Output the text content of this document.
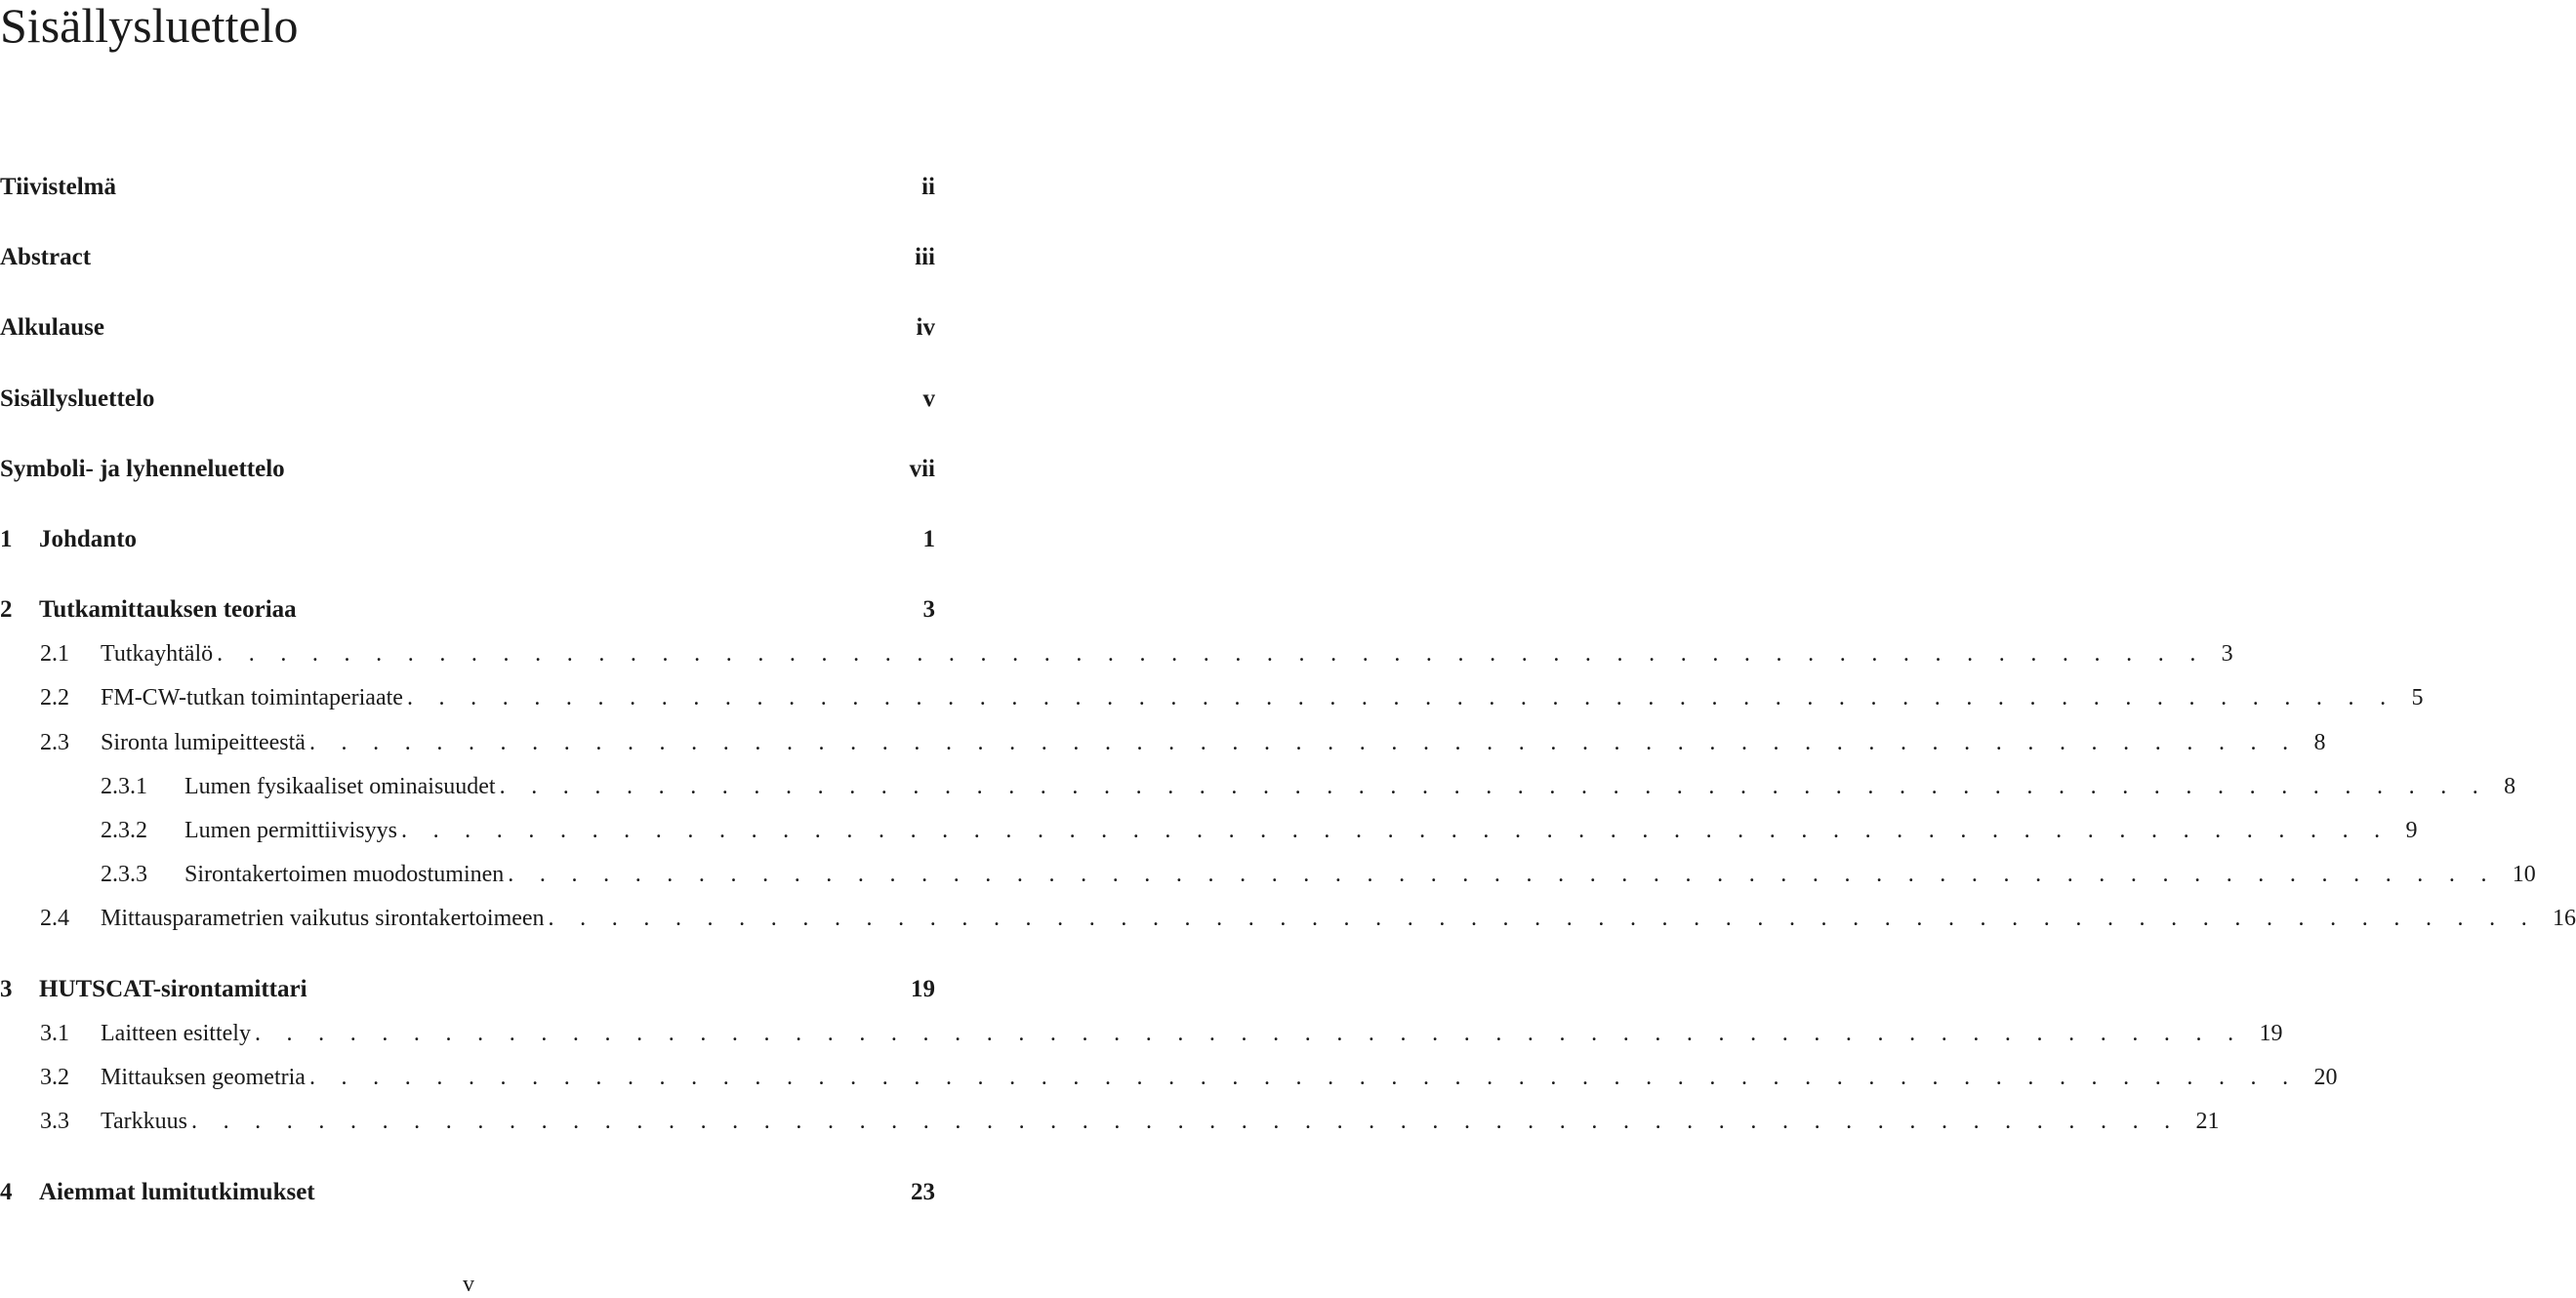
Sisällysluettelo
Tiivistelmä	ii
Abstract	iii
Alkulause	iv
Sisällysluettelo	v
Symboli- ja lyhenneluettelo	vii
1	Johdanto	1
2	Tutkamittauksen teoriaa	3
2.1	Tutkayhtälö . . . . . . . . . . . . . . . . . . . . . . . . . . . . . . . . . . . . . . . . . . . . . . . . . . . . . . . . . . . . . . . 3
2.2	FM-CW-tutkan toimintaperiaate . . . . . . . . . . . . . . . . . . . . . . . . . . . . . . . . . . . . . . . . . . . . . . . . . . . . . . . . . . . . . . . 5
2.3	Sironta lumipeitteestä . . . . . . . . . . . . . . . . . . . . . . . . . . . . . . . . . . . . . . . . . . . . . . . . . . . . . . . . . . . . . . . 8
2.3.1	Lumen fysikaaliset ominaisuudet . . . . . . . . . . . . . . . . . . . . . . . . . . . . . . . . . . . . . . . . . . . . . . . . . . . . . . . . . . . . . . . 8
2.3.2	Lumen permittiivisyys . . . . . . . . . . . . . . . . . . . . . . . . . . . . . . . . . . . . . . . . . . . . . . . . . . . . . . . . . . . . . . . 9
2.3.3	Sirontakertoimen muodostuminen . . . . . . . . . . . . . . . . . . . . . . . . . . . . . . . . . . . . . . . . . . . . . . . . . . . . . . . . . . . . . . . 10
2.4	Mittausparametrien vaikutus sirontakertoimeen . . . . . . . . . . . . . . . . . . . . . . . . . . . . . . . . . . . . . . . . . . . . . . . . . . . . . . . . . . . . . . . 16
3	HUTSCAT-sirontamittari	19
3.1	Laitteen esittely . . . . . . . . . . . . . . . . . . . . . . . . . . . . . . . . . . . . . . . . . . . . . . . . . . . . . . . . . . . . . . . 19
3.2	Mittauksen geometria . . . . . . . . . . . . . . . . . . . . . . . . . . . . . . . . . . . . . . . . . . . . . . . . . . . . . . . . . . . . . . . 20
3.3	Tarkkuus . . . . . . . . . . . . . . . . . . . . . . . . . . . . . . . . . . . . . . . . . . . . . . . . . . . . . . . . . . . . . . . 21
4	Aiemmat lumitutkimukset	23
v
